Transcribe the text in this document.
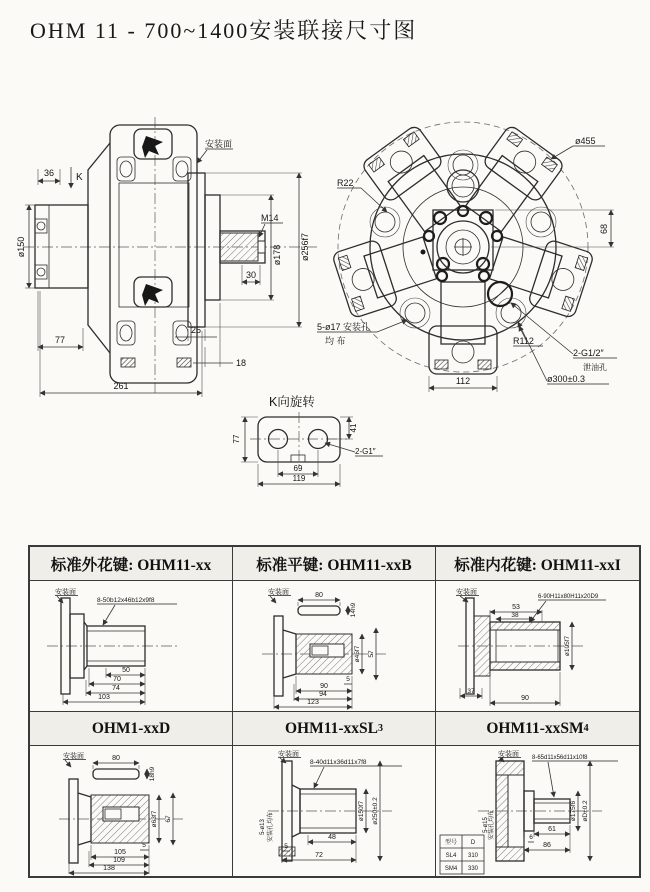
OHM 11 - 700~1400安装联接尺寸图
36 K
ø150
77
261
25
18
30
M14
ø178 ø256f7
安装面	ø455
R22
68
5-ø17 安装孔
均 布	R112
2-G1/2″
泄油孔
ø300±0.3
112
K向旋转
77
41
69
119
2-G1″
标准外花键: OHM11-xx	标准平键: OHM11-xxB	标准内花键: OHM11-xxI
安装面
8-50b12x46b12x9f8
50
70
74
103
80
14h9
安装面
ø45f7 57
5
90
94
123
安装面
6-90H11x80H11x20D9
53
38
ø105f7
37
90
OHM1-xxD	OHM11-xxSL 3	OHM11-xxSM 4
80
18h9
安装面
ø63f7 67
5
105
109
138
安装面
8-40d11x36d11x7f8
5-ø13 安装孔均布
ø150f7 ø250±0.2
48
5
72
安装面 8-65d11x56d11x10f8
5-ø15 安装孔均布	ø175f6 øD±0.2
61
6
86
型号 D
SL4 310
SM4 330
